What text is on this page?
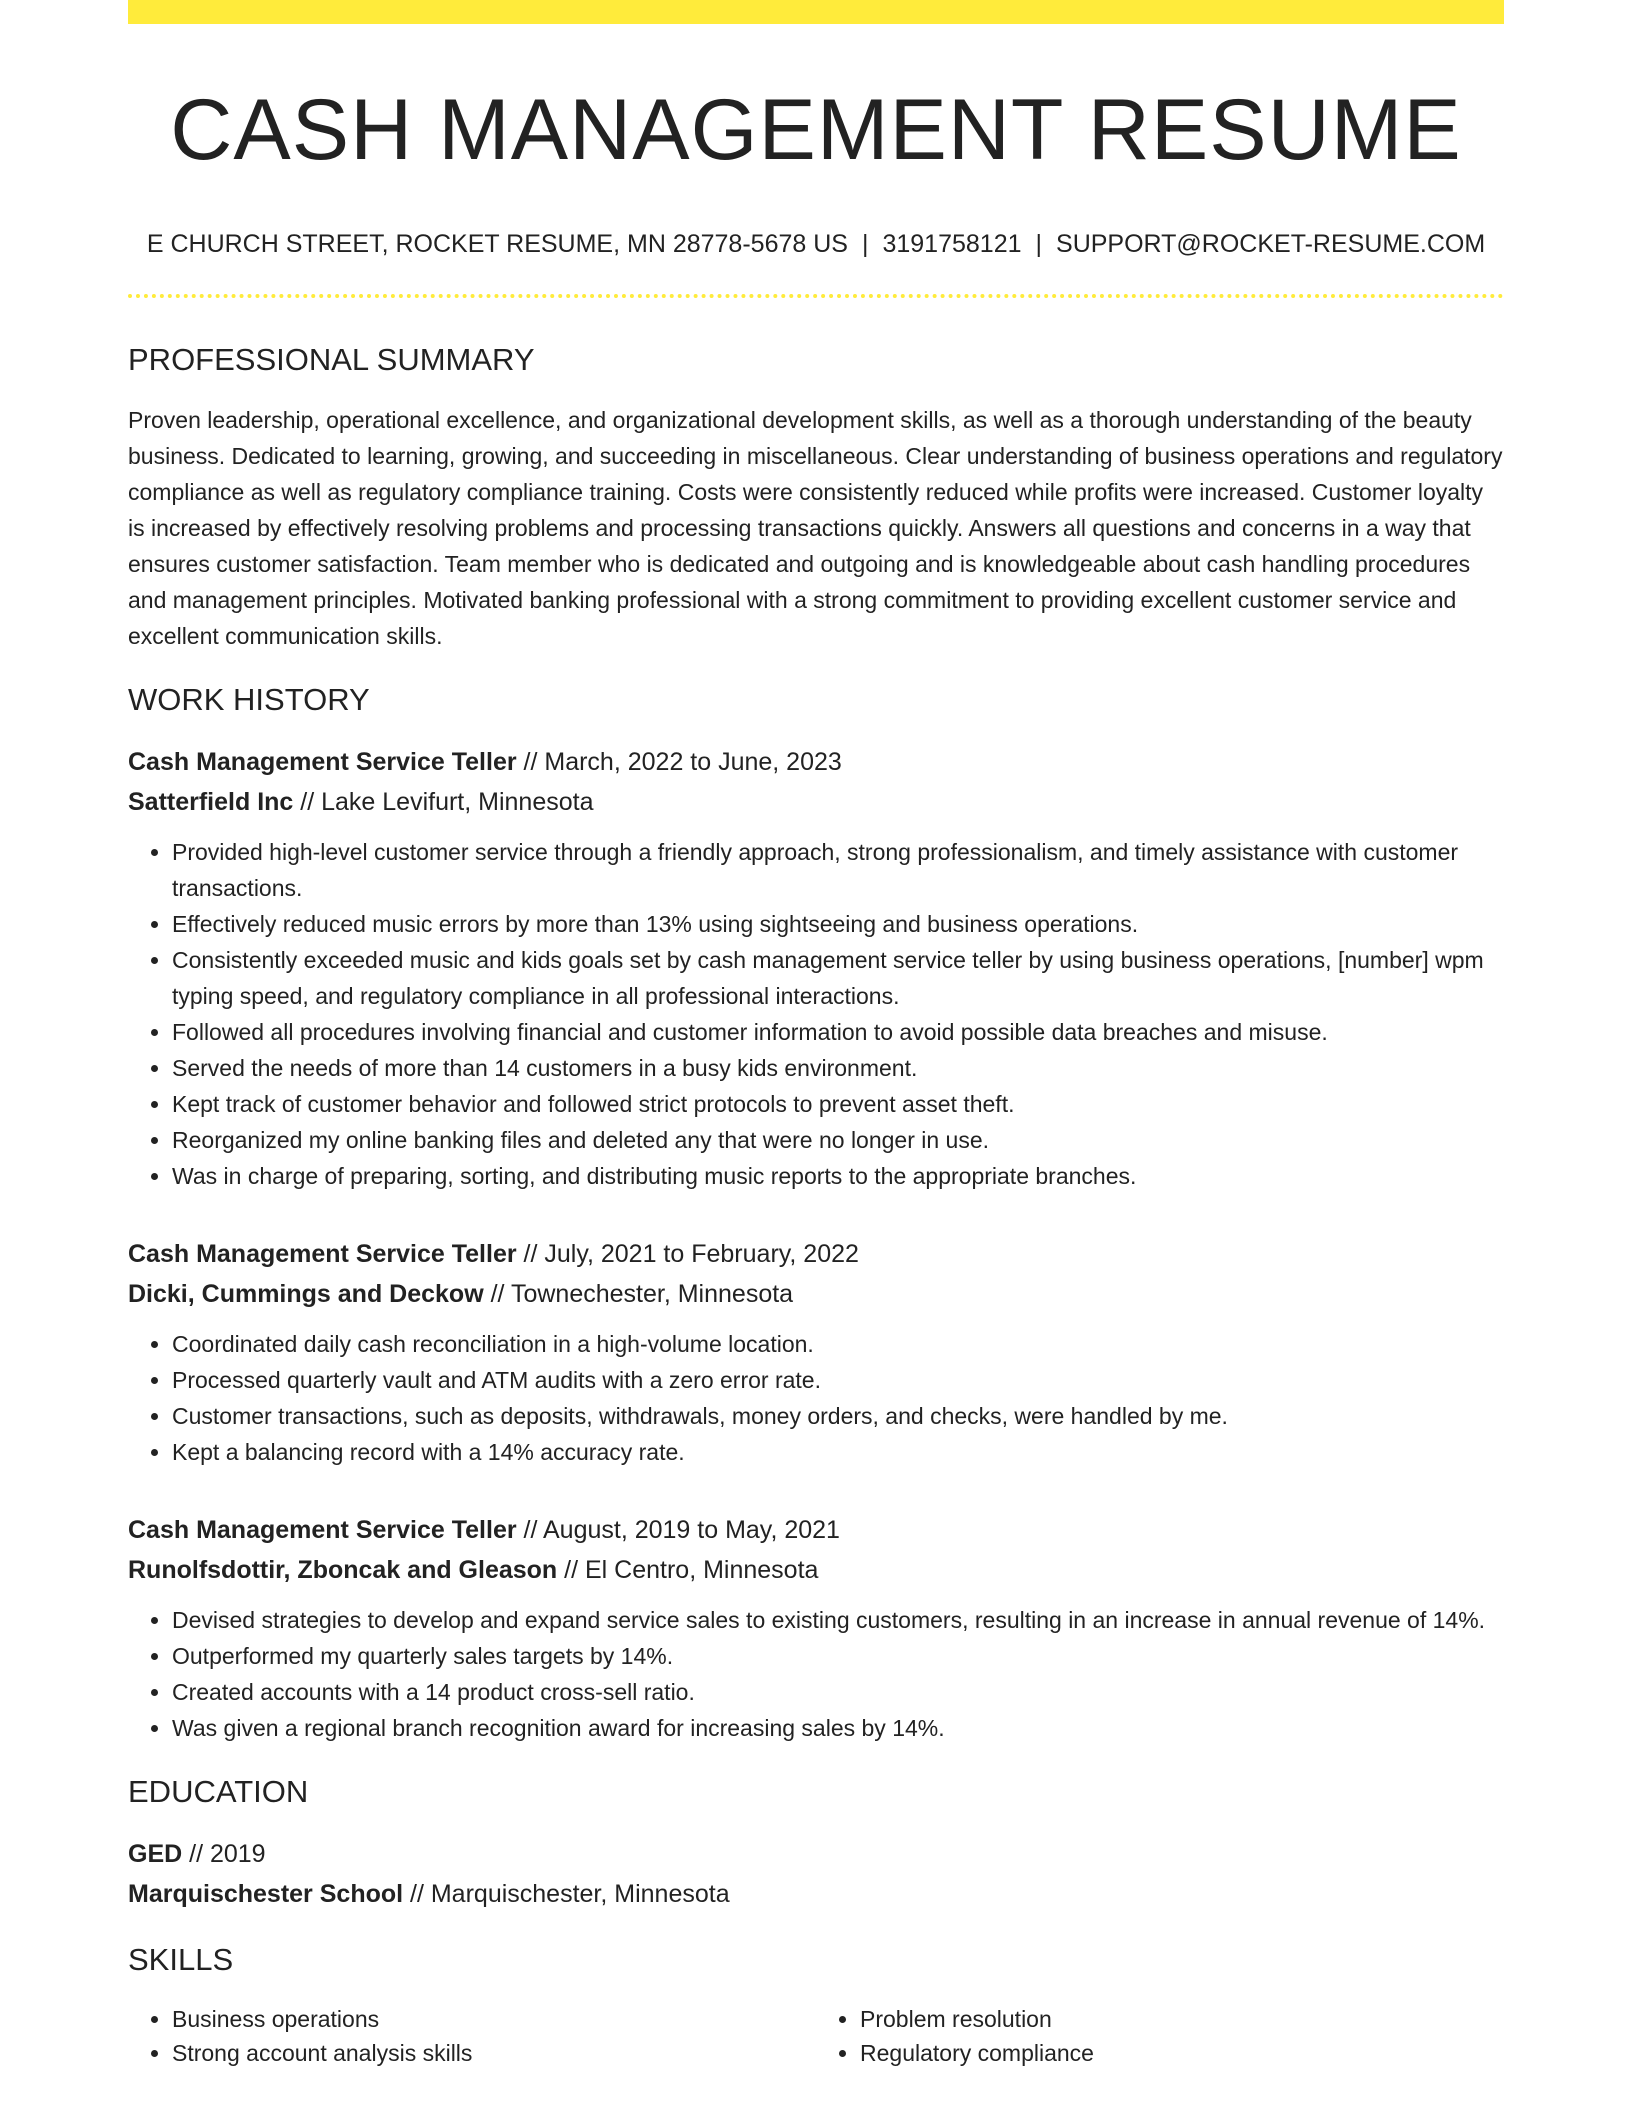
CASH MANAGEMENT RESUME
E CHURCH STREET, ROCKET RESUME, MN 28778-5678 US | 3191758121 | SUPPORT@ROCKET-RESUME.COM
PROFESSIONAL SUMMARY

Proven leadership, operational excellence, and organizational development skills, as well as a thorough understanding of the beauty business. Dedicated to learning, growing, and succeeding in miscellaneous. Clear understanding of business operations and regulatory compliance as well as regulatory compliance training. Costs were consistently reduced while profits were increased. Customer loyalty is increased by effectively resolving problems and processing transactions quickly. Answers all questions and concerns in a way that ensures customer satisfaction. Team member who is dedicated and outgoing and is knowledgeable about cash handling procedures and management principles. Motivated banking professional with a strong commitment to providing excellent customer service and excellent communication skills.

WORK HISTORY
Cash Management Service Teller // March, 2022 to June, 2023
Satterfield Inc // Lake Levifurt, Minnesota
• Provided high-level customer service through a friendly approach, strong professionalism, and timely assistance with customer transactions.
• Effectively reduced music errors by more than 13% using sightseeing and business operations.
• Consistently exceeded music and kids goals set by cash management service teller by using business operations, [number] wpm typing speed, and regulatory compliance in all professional interactions.
• Followed all procedures involving financial and customer information to avoid possible data breaches and misuse.
• Served the needs of more than 14 customers in a busy kids environment.
• Kept track of customer behavior and followed strict protocols to prevent asset theft.
• Reorganized my online banking files and deleted any that were no longer in use.
• Was in charge of preparing, sorting, and distributing music reports to the appropriate branches.
Cash Management Service Teller // July, 2021 to February, 2022
Dicki, Cummings and Deckow // Townechester, Minnesota
• Coordinated daily cash reconciliation in a high-volume location.
• Processed quarterly vault and ATM audits with a zero error rate.
• Customer transactions, such as deposits, withdrawals, money orders, and checks, were handled by me.
• Kept a balancing record with a 14% accuracy rate.
Cash Management Service Teller // August, 2019 to May, 2021
Runolfsdottir, Zboncak and Gleason // El Centro, Minnesota
• Devised strategies to develop and expand service sales to existing customers, resulting in an increase in annual revenue of 14%.
• Outperformed my quarterly sales targets by 14%.
• Created accounts with a 14 product cross-sell ratio.
• Was given a regional branch recognition award for increasing sales by 14%.
EDUCATION
GED // 2019
Marquischester School // Marquischester, Minnesota
SKILLS
• Business operations
• Strong account analysis skills
• Problem resolution
• Regulatory compliance
